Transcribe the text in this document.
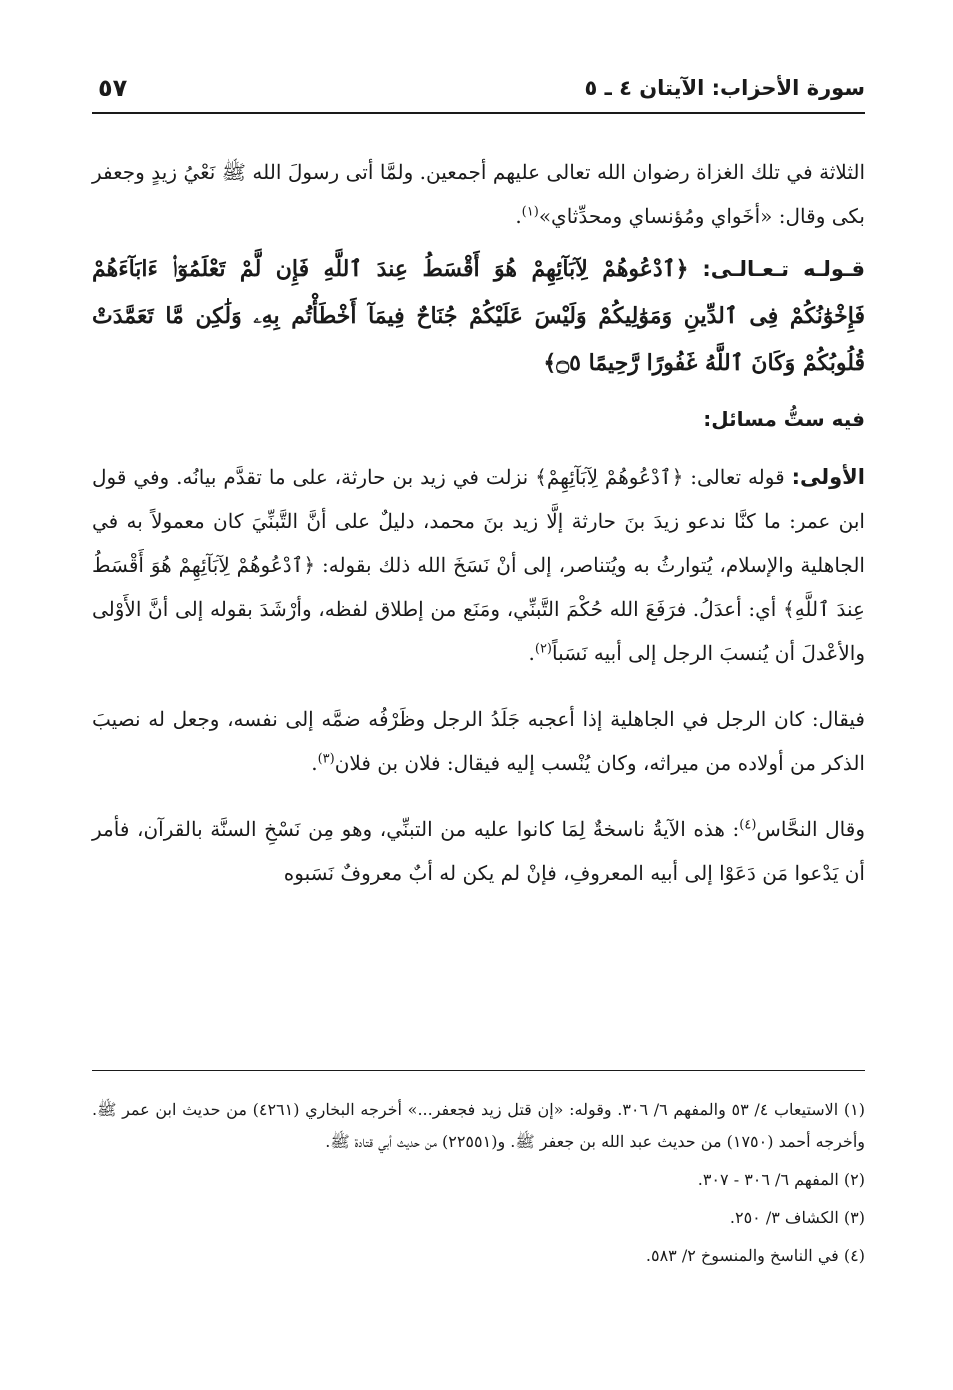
سورة الأحزاب: الآيتان ٤ ـ ٥
٥٧

الثلاثة في تلك الغزاة رضوان الله تعالى عليهم أجمعين. ولمَّا أتى رسولَ الله ﷺ نَعْيُ زيدٍ وجعفر بكى وقال: «أخَواي ومُؤنساي ومحدِّثاي»$^{(١)}$.

قـولـه تـعـالـى: ﴿ٱدْعُوهُمْ لِآبَآئِهِمْ هُوَ أَقْسَطُ عِندَ ٱللَّهِ فَإِن لَّمْ تَعْلَمُوٓا۟ ءَابَآءَهُمْ فَإِخْوَٰنُكُمْ فِى ٱلدِّينِ وَمَوَٰلِيكُمْ وَلَيْسَ عَلَيْكُمْ جُنَاحٌ فِيمَآ أَخْطَأْتُم بِهِۦ وَلَٰكِن مَّا تَعَمَّدَتْ قُلُوبُكُمْ وَكَانَ ٱللَّهُ غَفُورًا رَّحِيمًا ۝٥﴾

فيه ستُّ مسائل:

الأولى: قوله تعالى: ﴿ٱدْعُوهُمْ لِآبَآئِهِمْ﴾ نزلت في زيد بن حارثة، على ما تقدَّم بيانُه. وفي قول ابن عمر: ما كنَّا ندعو زيدَ بنَ حارثة إلَّا زيد بنَ محمد، دليلٌ على أنَّ التَّبنِّيَ كان معمولاً به في الجاهلية والإسلام، يُتوارثُ به ويُتناصر، إلى أنْ نَسَخَ الله ذلك بقوله: ﴿ٱدْعُوهُمْ لِآبَآئِهِمْ هُوَ أَقْسَطُ عِندَ ٱللَّهِ﴾ أي: أعدَلُ. فرَفَعَ الله حُكْمَ التَّبنِّي، ومَنَع من إطلاق لفظه، وأرْشَدَ بقوله إلى أنَّ الأَوْلى والأعْدلَ أن يُنسبَ الرجل إلى أبيه نَسَباً$^{(٢)}$.

فيقال: كان الرجل في الجاهلية إذا أعجبه جَلَدُ الرجل وظَرْفُه ضمَّه إلى نفسه، وجعل له نصيبَ الذكر من أولاده من ميراثه، وكان يُنْسب إليه فيقال: فلان بن فلان$^{(٣)}$.

وقال النحَّاس$^{(٤)}$: هذه الآيةُ ناسخةٌ لِمَا كانوا عليه من التبنِّي، وهو مِن نَسْخِ السنَّة بالقرآن، فأمر أن يَدْعوا مَن دَعَوْا إلى أبيه المعروفِ، فإنْ لم يكن له أبٌ معروفٌ نَسَبوه

(١) الاستيعاب ٤/ ٥٣ والمفهم ٦/ ٣٠٦. وقوله: «إن قتل زيد فجعفر...» أخرجه البخاري (٤٢٦١) من حديث ابن عمر ﷺ. وأخرجه أحمد (١٧٥٠) من حديث عبد الله بن جعفر ﷺ. و(٢٢٥٥١) من حديث أبي قتادة ﷺ.

(٢) المفهم ٦/ ٣٠٦ - ٣٠٧.

(٣) الكشاف ٣/ ٢٥٠.

(٤) في الناسخ والمنسوخ ٢/ ٥٨٣.
